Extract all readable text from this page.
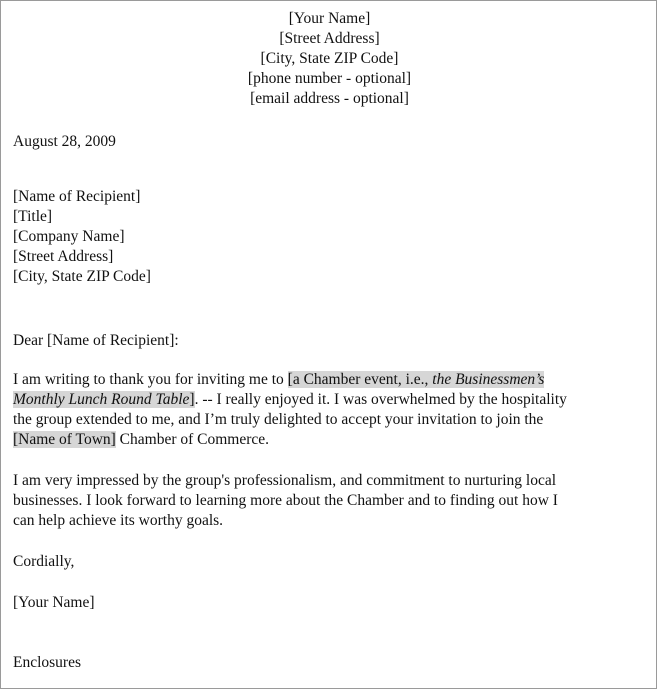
[Your Name]
[Street Address]
[City, State ZIP Code]
[phone number - optional]
[email address - optional]
August 28, 2009
[Name of Recipient]
[Title]
[Company Name]
[Street Address]
[City, State ZIP Code]
Dear [Name of Recipient]:
I am writing to thank you for inviting me to [a Chamber event, i.e., the Businessmen’s
Monthly Lunch Round Table]. -- I really enjoyed it. I was overwhelmed by the hospitality
the group extended to me, and I’m truly delighted to accept your invitation to join the
[Name of Town] Chamber of Commerce.
I am very impressed by the group's professionalism, and commitment to nurturing local
businesses. I look forward to learning more about the Chamber and to finding out how I
can help achieve its worthy goals.
Cordially,
[Your Name]
Enclosures
